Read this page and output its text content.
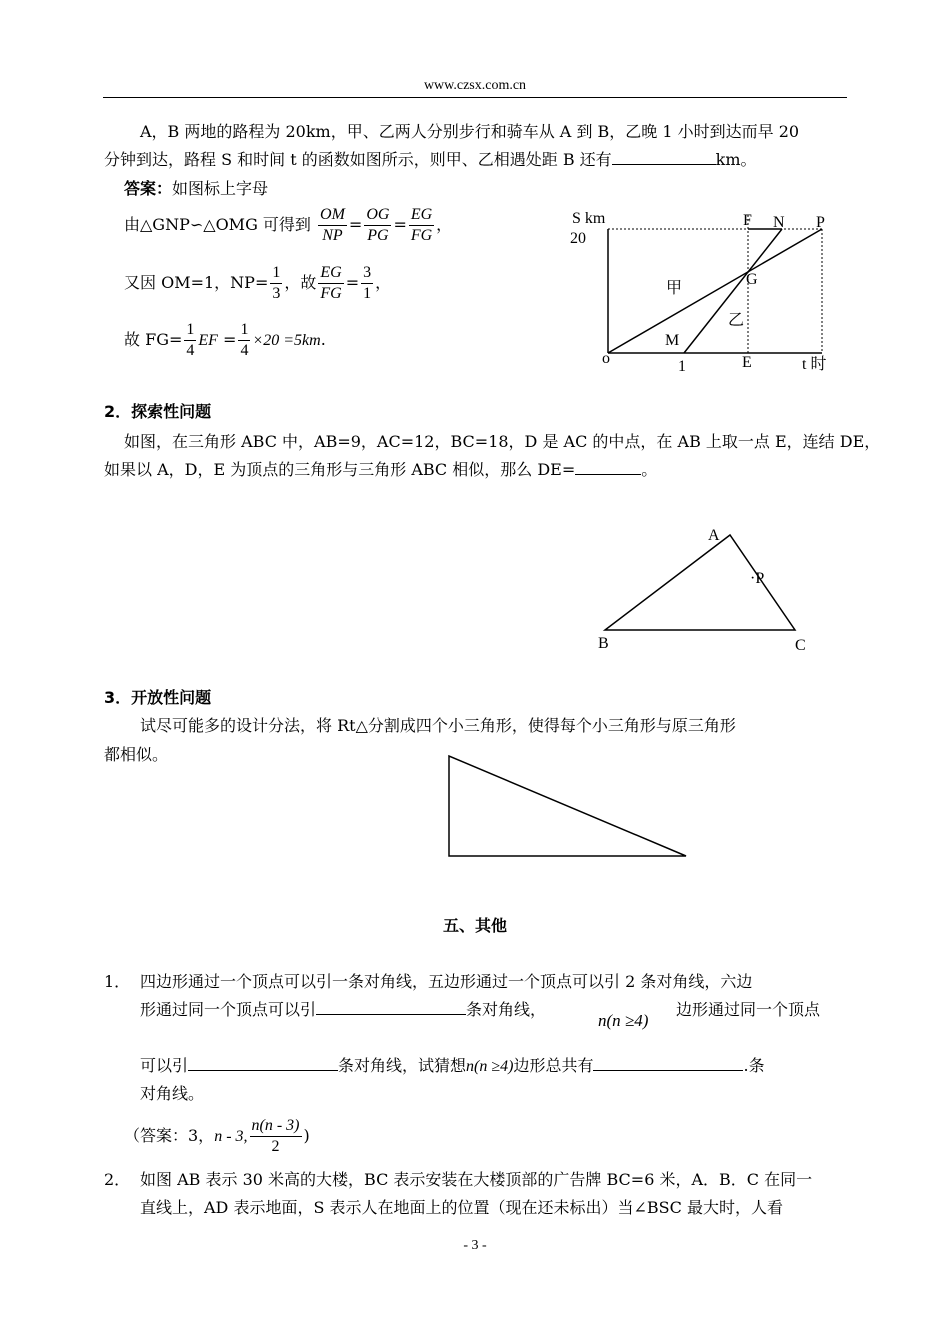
www.czsx.com.cn
A，B 两地的路程为 20km，甲、乙两人分别步行和骑车从 A 到 B，乙晚 1 小时到达而早 20
分钟到达，路程 S 和时间 t 的函数如图所示，则甲、乙相遇处距 B 还有	km。
答案：如图标上字母
由△GNP∽△OMG 可得到 $\frac{OM}{NP} = \frac{OG}{PG} = \frac{EG}{FG}$ ，
又因 OM=1，$NP= \frac{1}{3}$ ，故 $\frac{EG}{FG} = \frac{3}{1}$ ，
故 $FG= \frac{1}{4}$ EF = $\frac{1}{4} \times 20 =5km$.
S km
20
F N P
甲
G
乙
M
o	1	E	t 时
2．探索性问题
如图，在三角形 ABC 中，AB=9，AC=12，BC=18，D 是 AC 的中点，在 AB 上取一点 E，连结 DE，
如果以 A，D，E 为顶点的三角形与三角形 ABC 相似，那么 DE=	。
A
·P
B	C
3．开放性问题
试尽可能多的设计分法，将 Rt△分割成四个小三角形，使得每个小三角形与原三角形
都相似。
五、其他
1． 四边形通过一个顶点可以引一条对角线，五边形通过一个顶点可以引 2 条对角线，六边
形通过同一个顶点可以引	条对角线，
n(n ≥4)
边形通过同一个顶点
可以引	条对角线，试猜想n(n ≥4)边形总共有	.条
对角线。
（答案：3，n - 3, $\frac{n(n - 3)}{2}$ )
2． 如图 AB 表示 30 米高的大楼，BC 表示安装在大楼顶部的广告牌 BC=6 米，A．B．C 在同一
直线上，AD 表示地面，S 表示人在地面上的位置（现在还未标出）当∠BSC 最大时，人看
- 3 -
